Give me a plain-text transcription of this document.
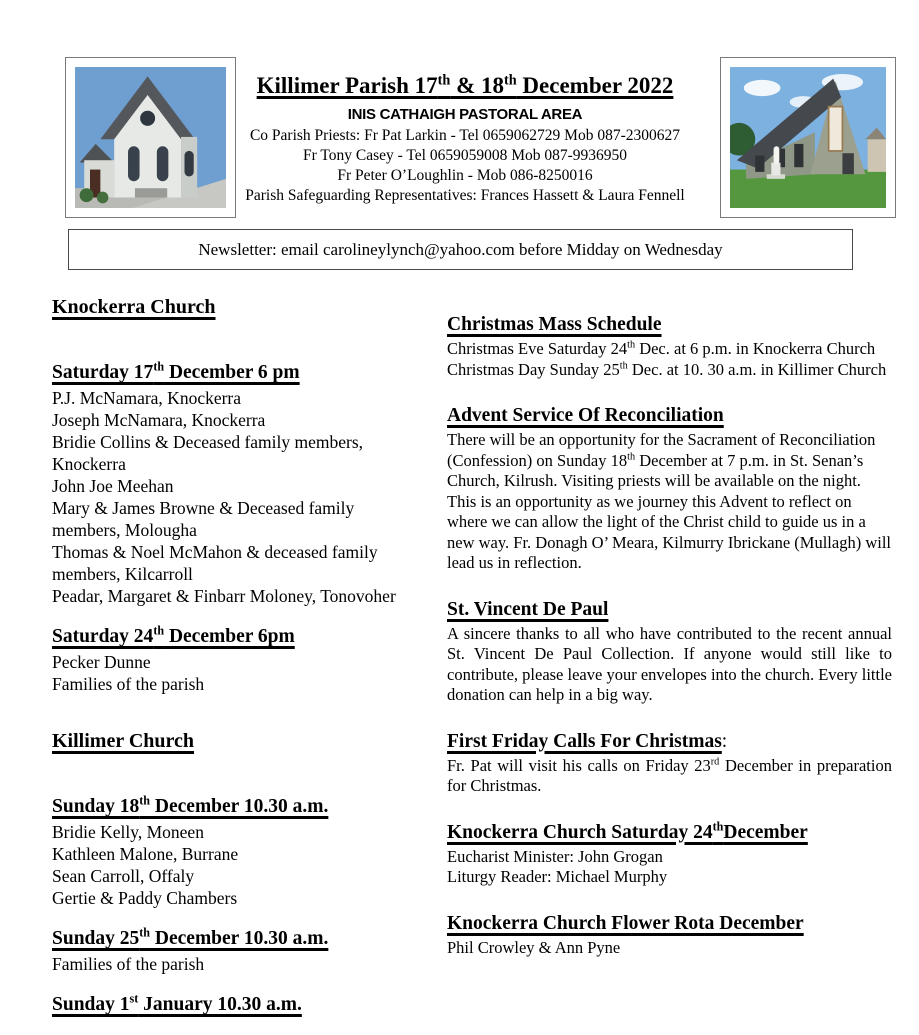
Killimer Parish 17th & 18th December 2022
INIS CATHAIGH PASTORAL AREA
Co Parish Priests: Fr Pat Larkin - Tel 0659062729 Mob 087-2300627
Fr Tony Casey - Tel 0659059008 Mob 087-9936950
Fr Peter O’Loughlin - Mob 086-8250016
Parish Safeguarding Representatives: Frances Hassett & Laura Fennell
Newsletter: email carolineylynch@yahoo.com before Midday on Wednesday
Knockerra Church
Saturday 17th December 6 pm
P.J. McNamara, Knockerra
Joseph McNamara, Knockerra
Bridie Collins & Deceased family members, Knockerra
John Joe Meehan
Mary & James Browne & Deceased family members, Molougha
Thomas & Noel McMahon & deceased family members, Kilcarroll
Peadar, Margaret & Finbarr Moloney, Tonovoher
Saturday 24th December 6pm
Pecker Dunne
Families of the parish
Killimer Church
Sunday 18th December 10.30 a.m.
Bridie Kelly, Moneen
Kathleen Malone, Burrane
Sean Carroll, Offaly
Gertie & Paddy Chambers
Sunday 25th December 10.30 a.m.
Families of the parish
Sunday 1st January 10.30 a.m.
Christmas Mass Schedule

Christmas Eve Saturday 24th Dec. at 6 p.m. in Knockerra Church

Christmas Day Sunday 25th Dec. at 10. 30 a.m. in Killimer Church

Advent Service Of Reconciliation

There will be an opportunity for the Sacrament of Reconciliation (Confession) on Sunday 18th December at 7 p.m. in St. Senan’s Church, Kilrush. Visiting priests will be available on the night. This is an opportunity as we journey this Advent to reflect on where we can allow the light of the Christ child to guide us in a new way. Fr. Donagh O’ Meara, Kilmurry Ibrickane (Mullagh) will lead us in reflection.

St. Vincent De Paul

A sincere thanks to all who have contributed to the recent annual St. Vincent De Paul Collection. If anyone would still like to contribute, please leave your envelopes into the church. Every little donation can help in a big way.

First Friday Calls For Christmas:

Fr. Pat will visit his calls on Friday 23rd December in preparation for Christmas.

Knockerra Church Saturday 24thDecember

Eucharist Minister: John Grogan

Liturgy Reader: Michael Murphy

Knockerra Church Flower Rota December

Phil Crowley & Ann Pyne
